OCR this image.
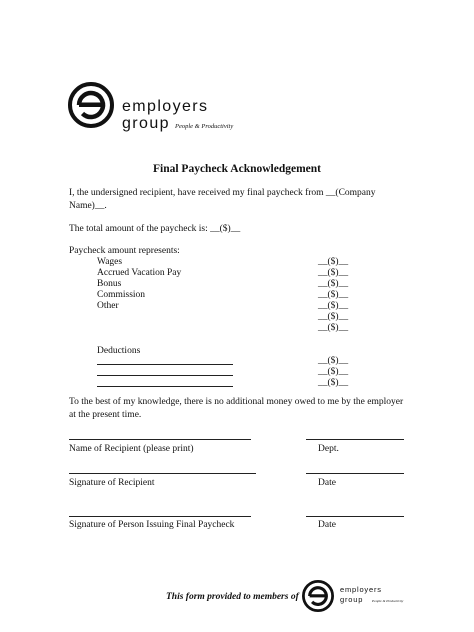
employers
group People & Productivity
Final Paycheck Acknowledgement
I, the undersigned recipient, have received my final paycheck from __(Company Name)__.
The total amount of the paycheck is: __($)__
Paycheck amount represents:
Wages	__($)__
Accrued Vacation Pay	__($)__
Bonus	__($)__
Commission	__($)__
Other	__($)__
__($)__
__($)__
Deductions
__($)__
__($)__
__($)__
To the best of my knowledge, there is no additional money owed to me by the employer at the present time.
Name of Recipient (please print)	Dept.
Signature of Recipient	Date
Signature of Person Issuing Final Paycheck	Date
This form provided to members of
employers
group	People & Productivity
